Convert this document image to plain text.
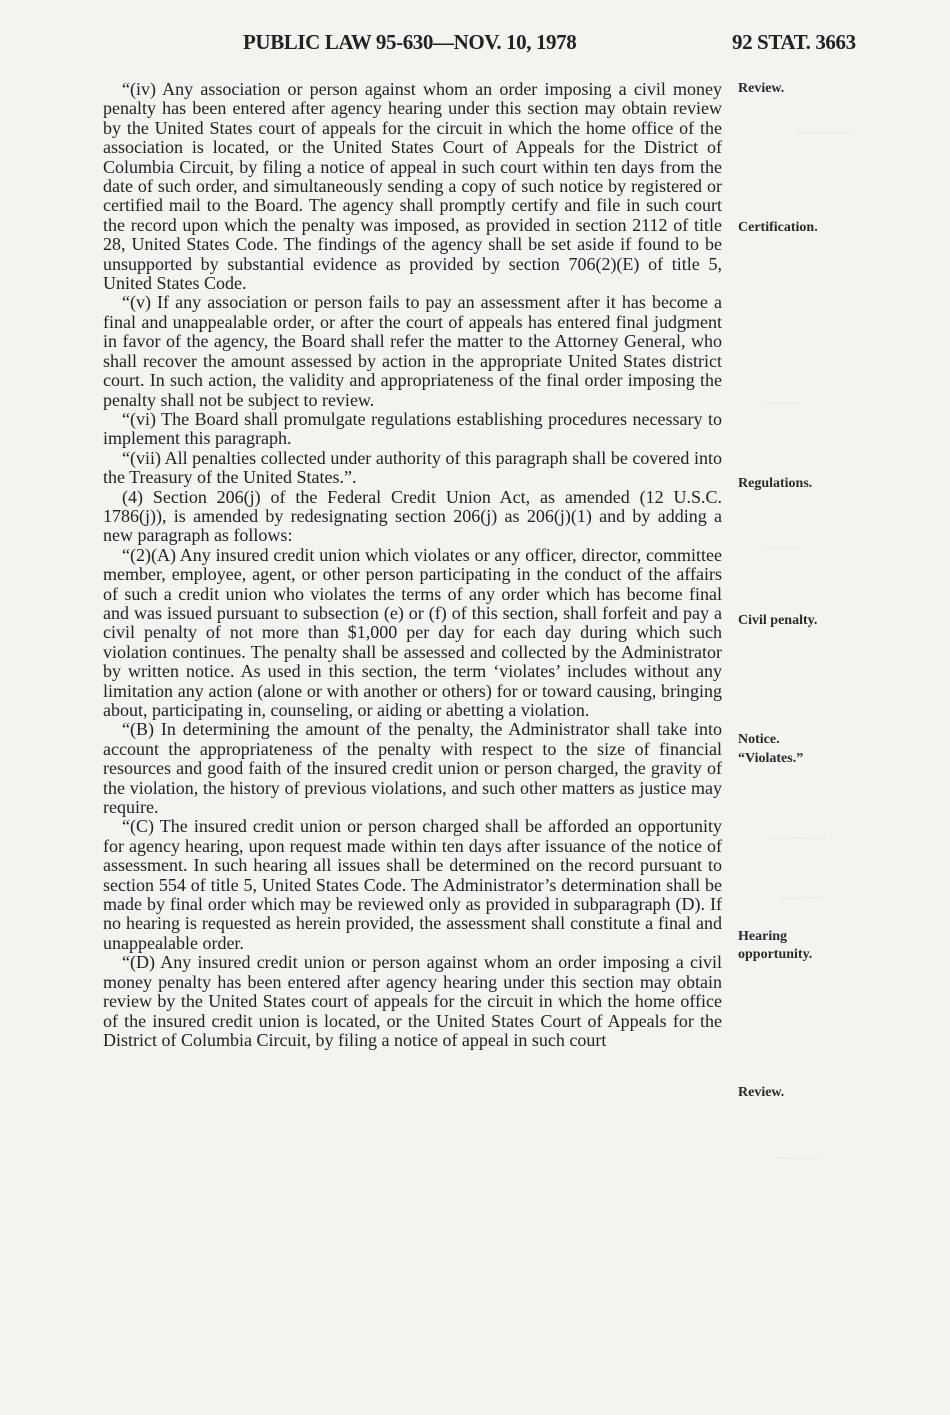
~~~~~~~~
~~~~~
~~~~~
~~~~~~~~
~~~~~~
~~~~~~
PUBLIC LAW 95-630—NOV. 10, 1978	92 STAT. 3663

“(iv) Any association or person against whom an order imposing a civil money penalty has been entered after agency hearing under this section may obtain review by the United States court of appeals for the circuit in which the home office of the association is located, or the United States Court of Appeals for the District of Columbia Circuit, by filing a notice of appeal in such court within ten days from the date of such order, and simultaneously sending a copy of such notice by registered or certified mail to the Board. The agency shall promptly certify and file in such court the record upon which the penalty was imposed, as provided in section 2112 of title 28, United States Code. The findings of the agency shall be set aside if found to be unsupported by substantial evidence as provided by section 706(2)(E) of title 5, United States Code.

“(v) If any association or person fails to pay an assessment after it has become a final and unappealable order, or after the court of appeals has entered final judgment in favor of the agency, the Board shall refer the matter to the Attorney General, who shall recover the amount assessed by action in the appropriate United States district court. In such action, the validity and appropriateness of the final order imposing the penalty shall not be subject to review.

“(vi) The Board shall promulgate regulations establishing procedures necessary to implement this paragraph.

“(vii) All penalties collected under authority of this paragraph shall be covered into the Treasury of the United States.”.

(4) Section 206(j) of the Federal Credit Union Act, as amended (12 U.S.C. 1786(j)), is amended by redesignating section 206(j) as 206(j)(1) and by adding a new paragraph as follows:

“(2)(A) Any insured credit union which violates or any officer, director, committee member, employee, agent, or other person participating in the conduct of the affairs of such a credit union who violates the terms of any order which has become final and was issued pursuant to subsection (e) or (f) of this section, shall forfeit and pay a civil penalty of not more than $1,000 per day for each day during which such violation continues. The penalty shall be assessed and collected by the Administrator by written notice. As used in this section, the term ‘violates’ includes without any limitation any action (alone or with another or others) for or toward causing, bringing about, participating in, counseling, or aiding or abetting a violation.

“(B) In determining the amount of the penalty, the Administrator shall take into account the appropriateness of the penalty with respect to the size of financial resources and good faith of the insured credit union or person charged, the gravity of the violation, the history of previous violations, and such other matters as justice may require.

“(C) The insured credit union or person charged shall be afforded an opportunity for agency hearing, upon request made within ten days after issuance of the notice of assessment. In such hearing all issues shall be determined on the record pursuant to section 554 of title 5, United States Code. The Administrator’s determination shall be made by final order which may be reviewed only as provided in subparagraph (D). If no hearing is requested as herein provided, the assessment shall constitute a final and unappealable order.

“(D) Any insured credit union or person against whom an order imposing a civil money penalty has been entered after agency hearing under this section may obtain review by the United States court of appeals for the circuit in which the home office of the insured credit union is located, or the United States Court of Appeals for the District of Columbia Circuit, by filing a notice of appeal in such court

Review.
Certification.
Regulations.
Civil penalty.
Notice.
“Violates.”
Hearing
opportunity.
Review.
